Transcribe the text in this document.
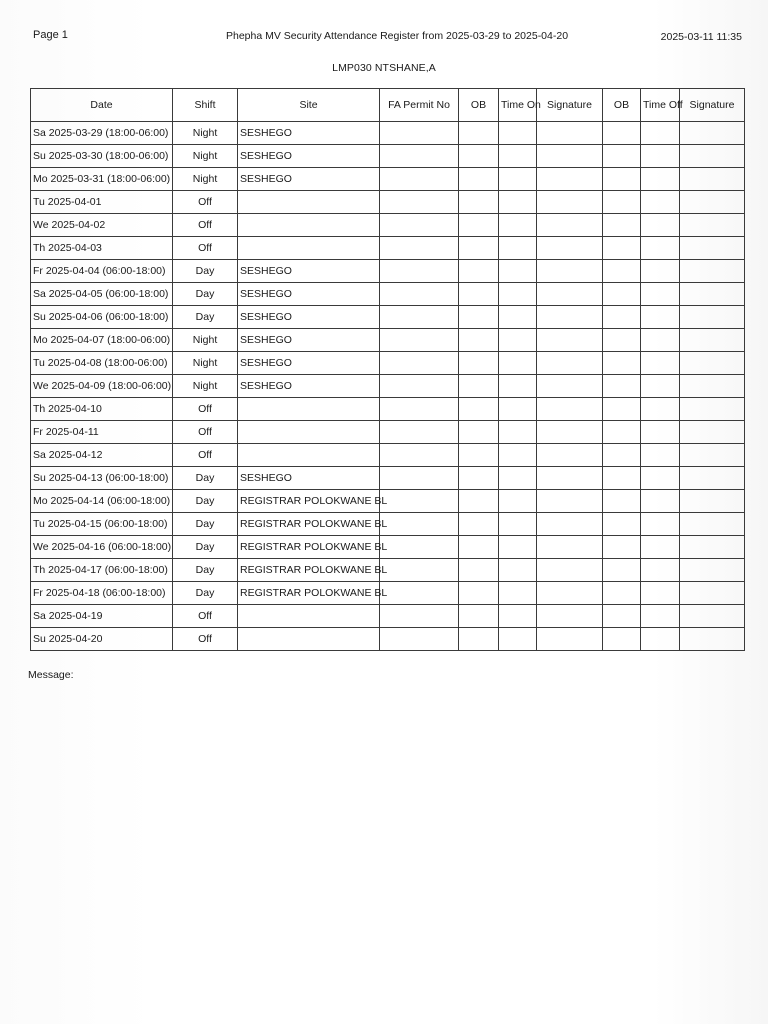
Page 1	Phepha MV Security Attendance Register from 2025-03-29 to 2025-04-20	2025-03-11 11:35
LMP030 NTSHANE,A
Date	Shift	Site	FA Permit No	OB	Time On	Signature	OB	Time Off	Signature
Sa 2025-03-29 (18:00-06:00)	Night	SESHEGO							
Su 2025-03-30 (18:00-06:00)	Night	SESHEGO							
Mo 2025-03-31 (18:00-06:00)	Night	SESHEGO							
Tu 2025-04-01	Off								
We 2025-04-02	Off								
Th 2025-04-03	Off								
Fr 2025-04-04 (06:00-18:00)	Day	SESHEGO							
Sa 2025-04-05 (06:00-18:00)	Day	SESHEGO							
Su 2025-04-06 (06:00-18:00)	Day	SESHEGO							
Mo 2025-04-07 (18:00-06:00)	Night	SESHEGO							
Tu 2025-04-08 (18:00-06:00)	Night	SESHEGO							
We 2025-04-09 (18:00-06:00)	Night	SESHEGO							
Th 2025-04-10	Off								
Fr 2025-04-11	Off								
Sa 2025-04-12	Off								
Su 2025-04-13 (06:00-18:00)	Day	SESHEGO							
Mo 2025-04-14 (06:00-18:00)	Day	REGISTRAR POLOKWANE BL							
Tu 2025-04-15 (06:00-18:00)	Day	REGISTRAR POLOKWANE BL							
We 2025-04-16 (06:00-18:00)	Day	REGISTRAR POLOKWANE BL							
Th 2025-04-17 (06:00-18:00)	Day	REGISTRAR POLOKWANE BL							
Fr 2025-04-18 (06:00-18:00)	Day	REGISTRAR POLOKWANE BL							
Sa 2025-04-19	Off								
Su 2025-04-20	Off								
Message:
